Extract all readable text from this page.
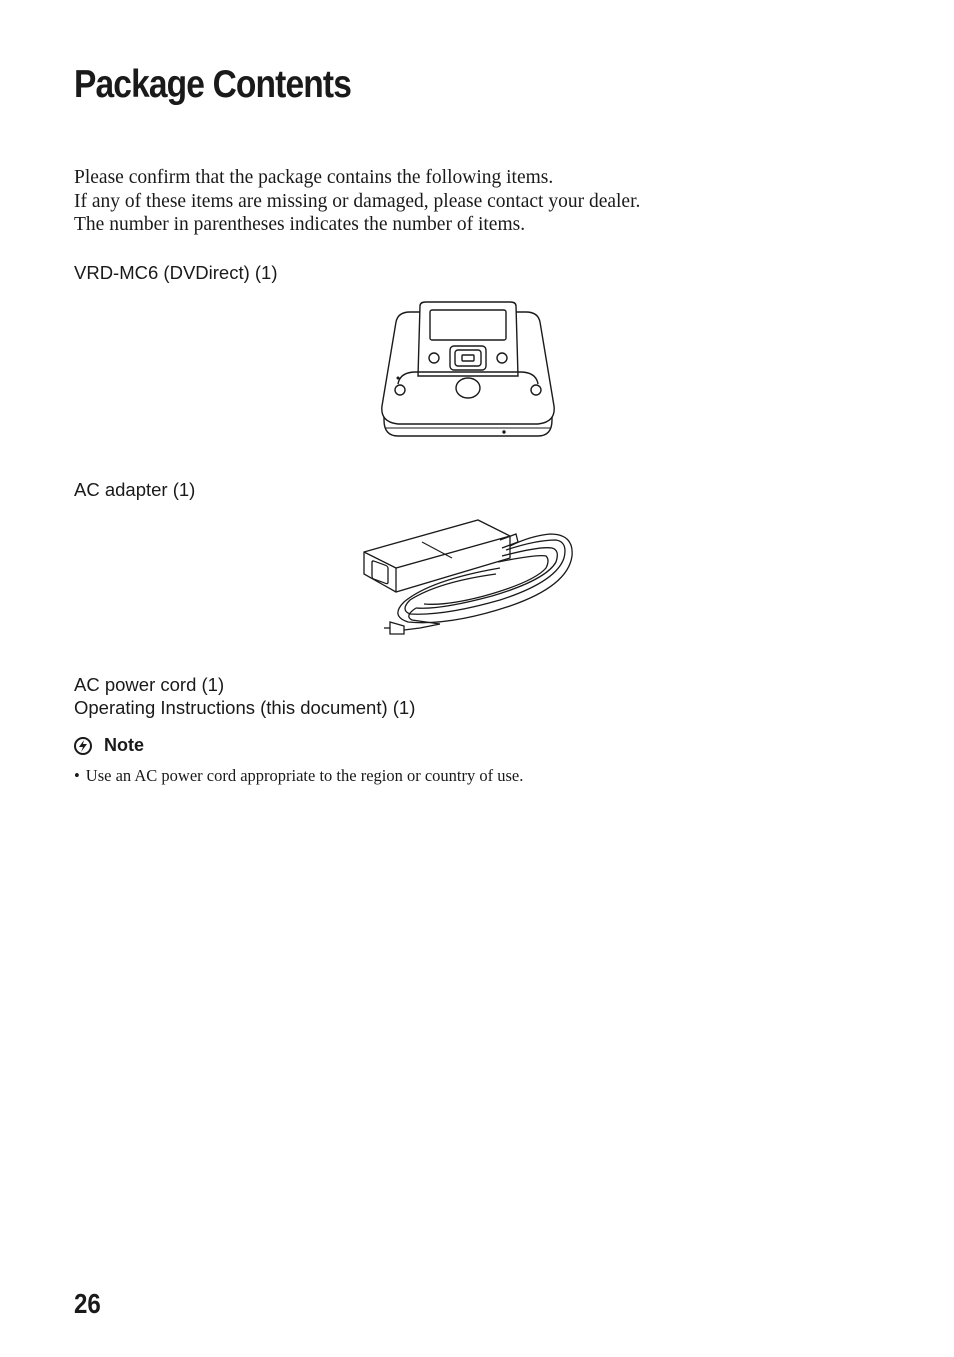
Package Contents

Please confirm that the package contains the following items.

If any of these items are missing or damaged, please contact your dealer.

The number in parentheses indicates the number of items.

VRD-MC6 (DVDirect) (1)

AC adapter (1)

AC power cord (1)

Operating Instructions (this document) (1)

Note
• Use an AC power cord appropriate to the region or country of use.

26
